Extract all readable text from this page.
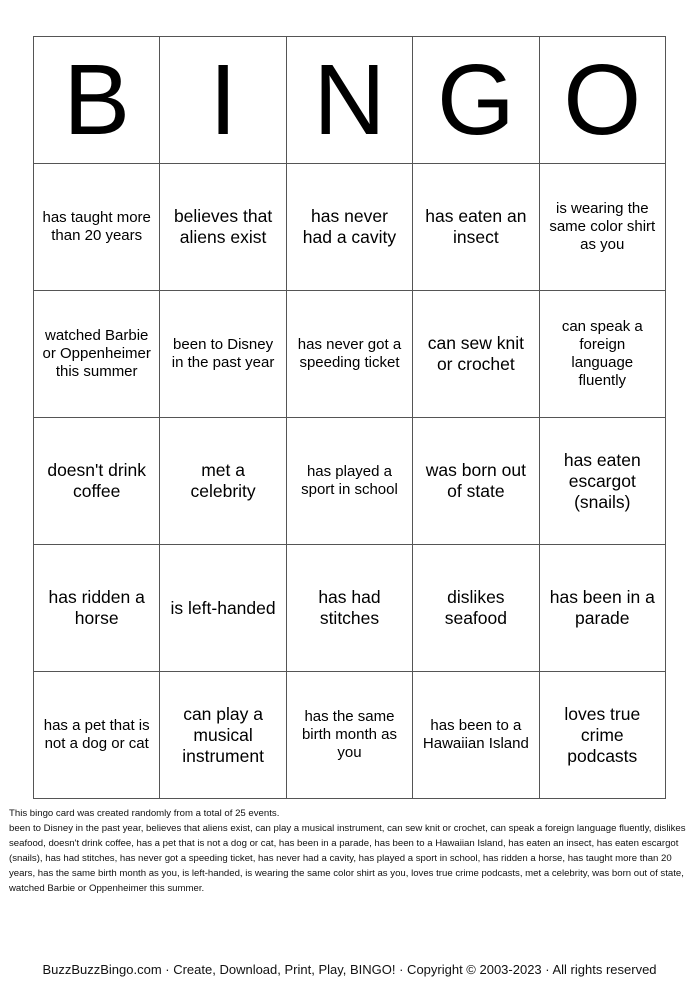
B	I	N	G	O
has taught more than 20 years	believes that aliens exist	has never had a cavity	has eaten an insect	is wearing the same color shirt as you
watched Barbie or Oppenheimer this summer	been to Disney in the past year	has never got a speeding ticket	can sew knit or crochet	can speak a foreign language fluently
doesn't drink coffee	met a celebrity	has played a sport in school	was born out of state	has eaten escargot (snails)
has ridden a horse	is left-handed	has had stitches	dislikes seafood	has been in a parade
has a pet that is not a dog or cat	can play a musical instrument	has the same birth month as you	has been to a Hawaiian Island	loves true crime podcasts
This bingo card was created randomly from a total of 25 events.
been to Disney in the past year, believes that aliens exist, can play a musical instrument, can sew knit or crochet, can speak a foreign language fluently, dislikes seafood, doesn't drink coffee, has a pet that is not a dog or cat, has been in a parade, has been to a Hawaiian Island, has eaten an insect, has eaten escargot (snails), has had stitches, has never got a speeding ticket, has never had a cavity, has played a sport in school, has ridden a horse, has taught more than 20 years, has the same birth month as you, is left-handed, is wearing the same color shirt as you, loves true crime podcasts, met a celebrity, was born out of state, watched Barbie or Oppenheimer this summer.
BuzzBuzzBingo.com · Create, Download, Print, Play, BINGO! · Copyright © 2003-2023 · All rights reserved
